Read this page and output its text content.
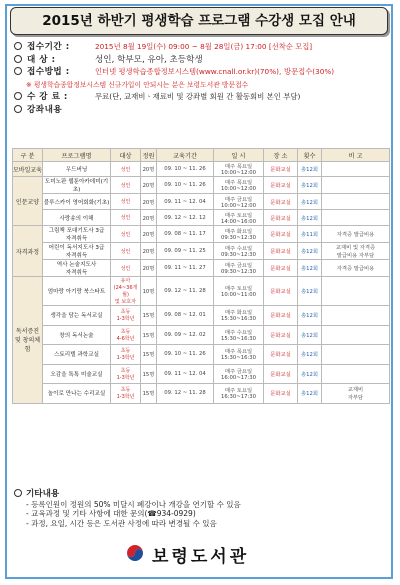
2015년 하반기 평생학습 프로그램 수강생 모집 안내
접수기간 :	2015년 8월 19일(수) 09:00 ~ 8월 28일(금) 17:00 [선착순 모집]
대 상 :	성인, 학부모, 유아, 초등학생
접수방법 :	인터넷 평생학습종합정보시스템(www.cnall.or.kr)(70%), 방문접수(30%)
※ 평생학습종합정보시스템 신규가입이 안되시는 분은 보령도서관 방문접수
수 강 료 :	무료(단, 교재비ㆍ재료비 및 강좌별 회원 간 활동회비 본인 부담)
강좌내용
구 분	프로그램명	대상	정원	교육기간	일 시	장 소	횟수	비 고
모바일교육	우드버닝	성인	20명	09. 10 ~ 11. 26	매주 목요일
10:00~12:00	문화교실	총12회	
인문교양	도미노판 웹툰아카데미(기초)	성인	20명	09. 10 ~ 11. 26	매주 목요일
10:00~12:00	문화교실	총12회	
	블루스카이 영어회화(기초)	성인	20명	09. 11 ~ 12. 04	매주 금요일
10:00~12:00	문화교실	총12회	
	사랑송의 이해	성인	20명	09. 12 ~ 12. 12	매주 토요일
14:00~16:00	문화교실	총12회	
자격과정	그림책 포대기도사 3급
자격취득	성인	20명	09. 08 ~ 11. 17	매주 화요일
09:30~12:30	문화교실	총11회	자격증 발급비용
	어린이 독서지도사 3급
자격취득	성인	20명	09. 09 ~ 11. 25	매주 수요일
09:30~12:30	문화교실	총12회	교재비 및 자격증
발급비용 자부담
	역사 논술지도사
자격취득	성인	20명	09. 11 ~ 11. 27	매주 금요일
09:30~12:30	문화교실	총12회	자격증 발급비용
독서증진 및 창의체험	엄마랑 아기랑 북스타트	유아
(24~36개월)
및 보호자	10명	09. 12 ~ 11. 28	매주 토요일
10:00~11:00	문화교실	총12회	
	생각을 담는 독서교실	초등
1-3학년	15명	09. 08 ~ 12. 01	매주 화요일
15:30~16:30	문화교실	총12회	
	창의 독서논술	초등
4-6학년	15명	09. 09 ~ 12. 02	매주 수요일
15:30~16:30	문화교실	총12회	
	스토리텔 과학교실	초등
1-3학년	15명	09. 10 ~ 11. 26	매주 목요일
15:30~16:30	문화교실	총12회	
	오감을 톡톡 미술교실	초등
1-3학년	15명	09. 11 ~ 12. 04	매주 금요일
16:00~17:30	문화교실	총12회	
	놀이로 만나는 수리교실	초등
1-3학년	15명	09. 12 ~ 11. 28	매주 토요일
16:30~17:30	문화교실	총12회	교재비
자부담
기타내용
- 등록인원이 정원의 50% 미달시 폐강이나 개강을 연기할 수 있음
- 교육과정 및 기타 사항에 대한 문의(☎934-0929)
- 과정, 요일, 시간 등은 도서관 사정에 따라 변경될 수 있음
보령도서관
